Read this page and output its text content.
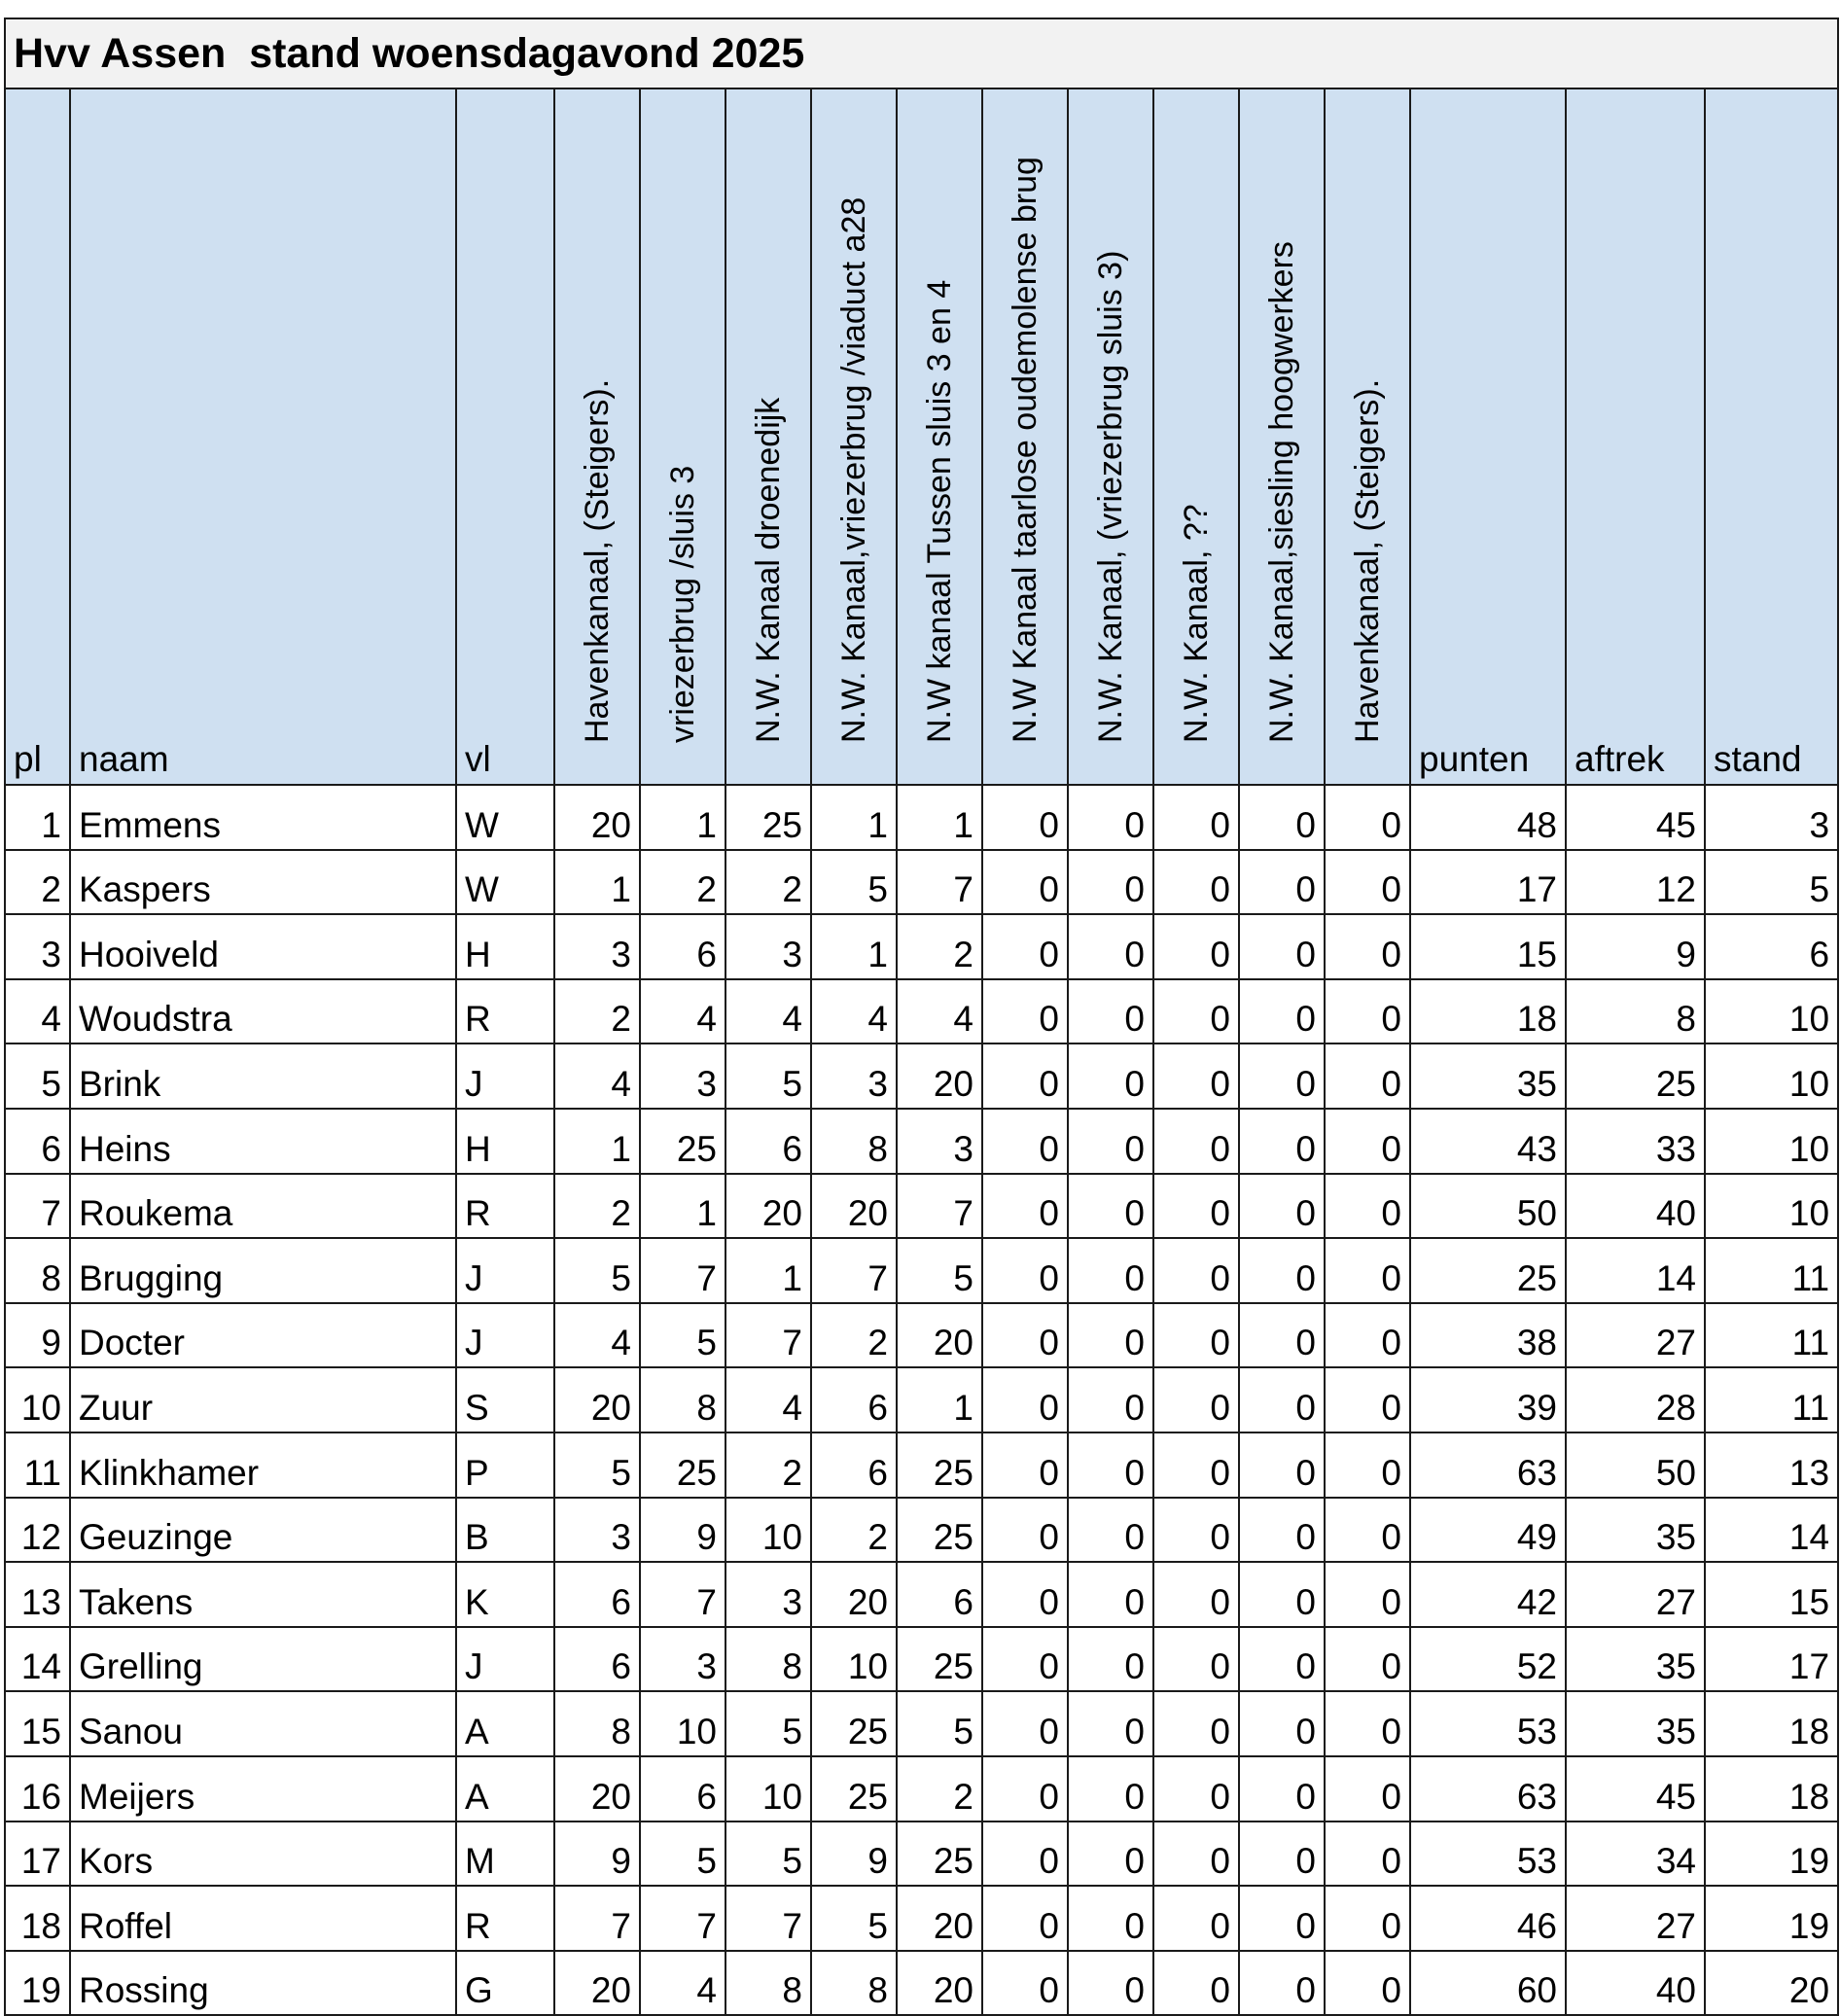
Hvv Assen  stand woensdagavond 2025															

pl	naam	vl	Havenkanaal, (Steigers).	vriezerbrug /sluis 3	N.W. Kanaal droenedijk	N.W. Kanaal,vriezerbrug /viaduct a28	N.W kanaal Tussen sluis 3 en 4	N.W Kanaal taarlose oudemolense brug	N.W. Kanaal, (vriezerbrug sluis 3)	N.W. Kanaal, ??	N.W. Kanaal,siesling hoogwerkers	Havenkanaal, (Steigers).	punten	aftrek	stand

1	Emmens	W	20	1	25	1	1	0	0	0	0	0	48	45	3
2	Kaspers	W	1	2	2	5	7	0	0	0	0	0	17	12	5
3	Hooiveld	H	3	6	3	1	2	0	0	0	0	0	15	9	6
4	Woudstra	R	2	4	4	4	4	0	0	0	0	0	18	8	10
5	Brink	J	4	3	5	3	20	0	0	0	0	0	35	25	10
6	Heins	H	1	25	6	8	3	0	0	0	0	0	43	33	10
7	Roukema	R	2	1	20	20	7	0	0	0	0	0	50	40	10
8	Brugging	J	5	7	1	7	5	0	0	0	0	0	25	14	11
9	Docter	J	4	5	7	2	20	0	0	0	0	0	38	27	11
10	Zuur	S	20	8	4	6	1	0	0	0	0	0	39	28	11
11	Klinkhamer	P	5	25	2	6	25	0	0	0	0	0	63	50	13
12	Geuzinge	B	3	9	10	2	25	0	0	0	0	0	49	35	14
13	Takens	K	6	7	3	20	6	0	0	0	0	0	42	27	15
14	Grelling	J	6	3	8	10	25	0	0	0	0	0	52	35	17
15	Sanou	A	8	10	5	25	5	0	0	0	0	0	53	35	18
16	Meijers	A	20	6	10	25	2	0	0	0	0	0	63	45	18
17	Kors	M	9	5	5	9	25	0	0	0	0	0	53	34	19
18	Roffel	R	7	7	7	5	20	0	0	0	0	0	46	27	19
19	Rossing	G	20	4	8	8	20	0	0	0	0	0	60	40	20
